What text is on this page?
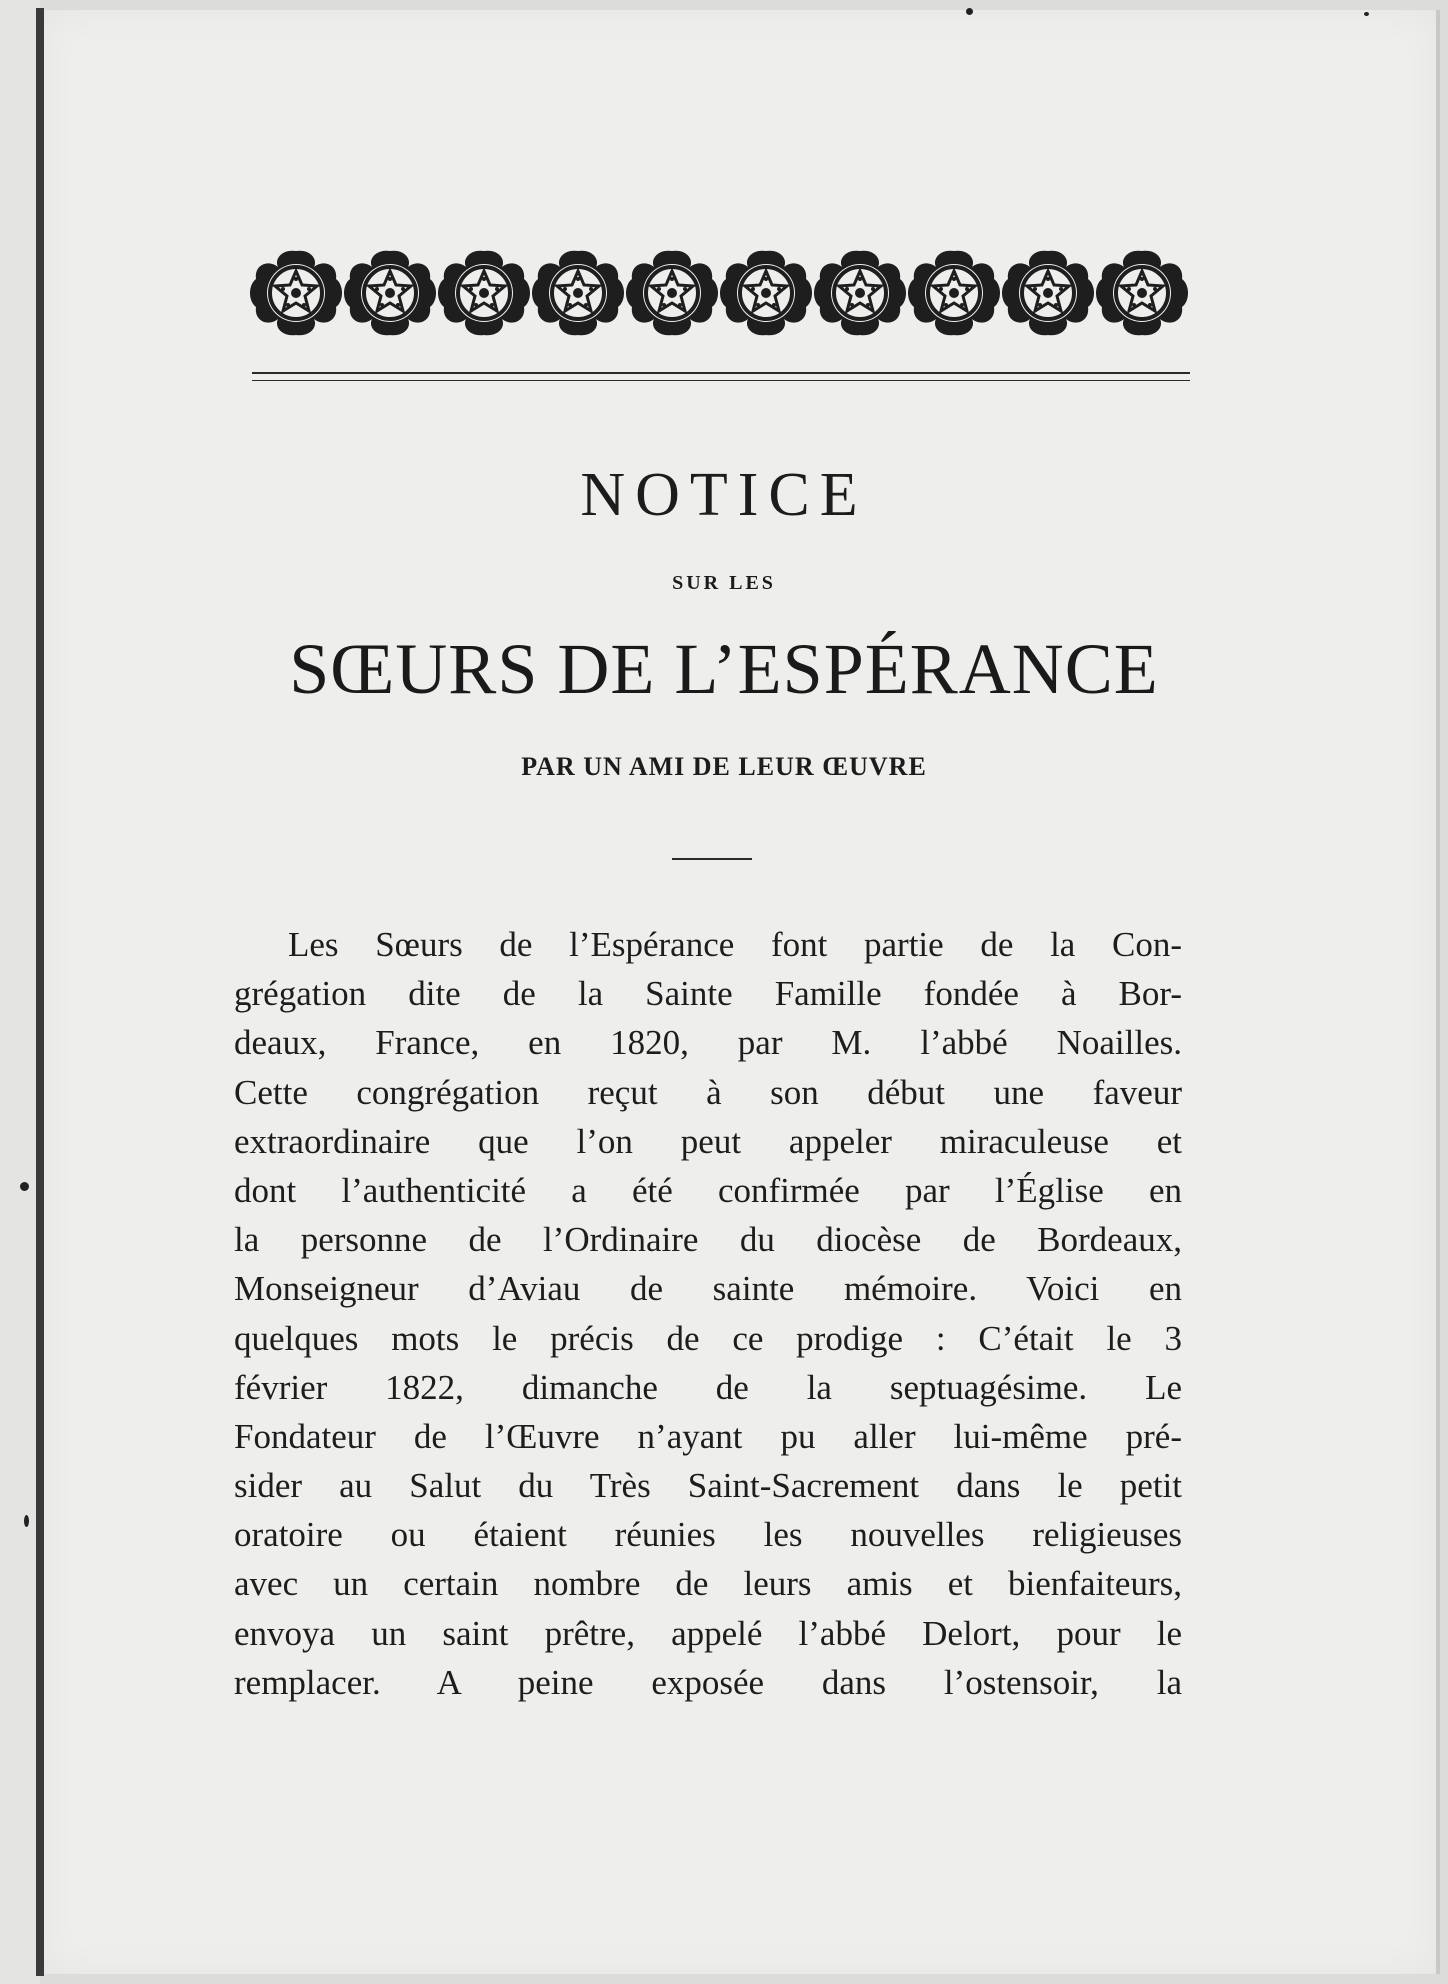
NOTICE
SUR LES
SŒURS DE L’ESPÉRANCE
PAR UN AMI DE LEUR ŒUVRE

Les Sœurs de l’Espérance font partie de la Con-
grégation dite de la Sainte Famille fondée à Bor-
deaux, France, en 1820, par M. l’abbé Noailles.
Cette congrégation reçut à son début une faveur
extraordinaire que l’on peut appeler miraculeuse et
dont l’authenticité a été confirmée par l’Église en
la personne de l’Ordinaire du diocèse de Bordeaux,
Monseigneur d’Aviau de sainte mémoire. Voici en
quelques mots le précis de ce prodige : C’était le 3
février 1822, dimanche de la septuagésime. Le
Fondateur de l’Œuvre n’ayant pu aller lui-même pré-
sider au Salut du Très Saint-Sacrement dans le petit
oratoire ou étaient réunies les nouvelles religieuses
avec un certain nombre de leurs amis et bienfaiteurs,
envoya un saint prêtre, appelé l’abbé Delort, pour le
remplacer. A peine exposée dans l’ostensoir, la
